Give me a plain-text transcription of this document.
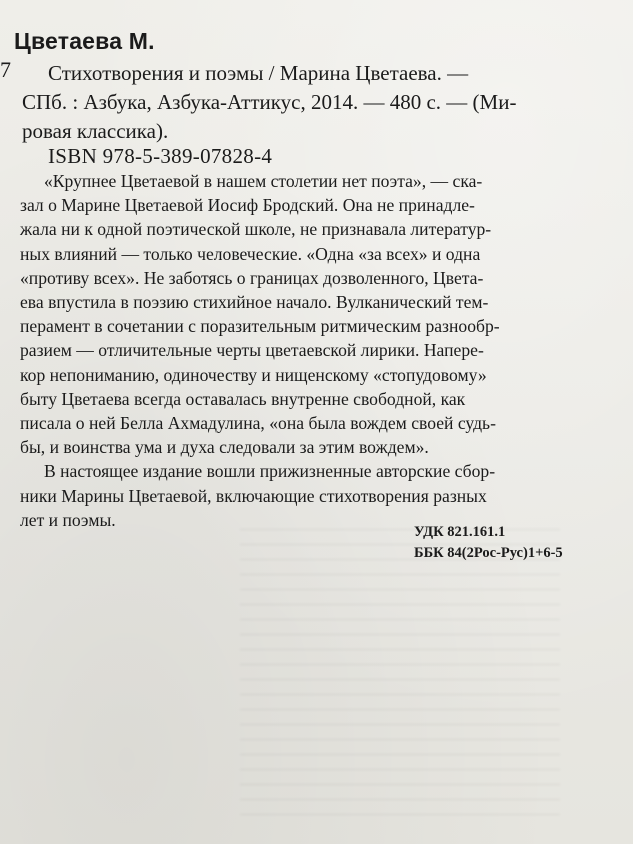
Цветаева М.
7 Стихотворения и поэмы / Марина Цветаева. —
СПб. : Азбука, Азбука-Аттикус, 2014. — 480 с. — (Ми-
ровая классика).
ISBN 978-5-389-07828-4
«Крупнее Цветаевой в нашем столетии нет поэта», — ска-
зал о Марине Цветаевой Иосиф Бродский. Она не принадле-
жала ни к одной поэтической школе, не признавала литератур-
ных влияний — только человеческие. «Одна «за всех» и одна
«противу всех». Не заботясь о границах дозволенного, Цвета-
ева впустила в поэзию стихийное начало. Вулканический тем-
перамент в сочетании с поразительным ритмическим разнообр-
разием — отличительные черты цветаевской лирики. Напере-
кор непониманию, одиночеству и нищенскому «стопудовому»
быту Цветаева всегда оставалась внутренне свободной, как
писала о ней Белла Ахмадулина, «она была вождем своей судь-
бы, и воинства ума и духа следовали за этим вождем».
В настоящее издание вошли прижизненные авторские сбор-
ники Марины Цветаевой, включающие стихотворения разных
лет и поэмы.
УДК 821.161.1
ББК 84(2Рос-Рус)1+6-5
